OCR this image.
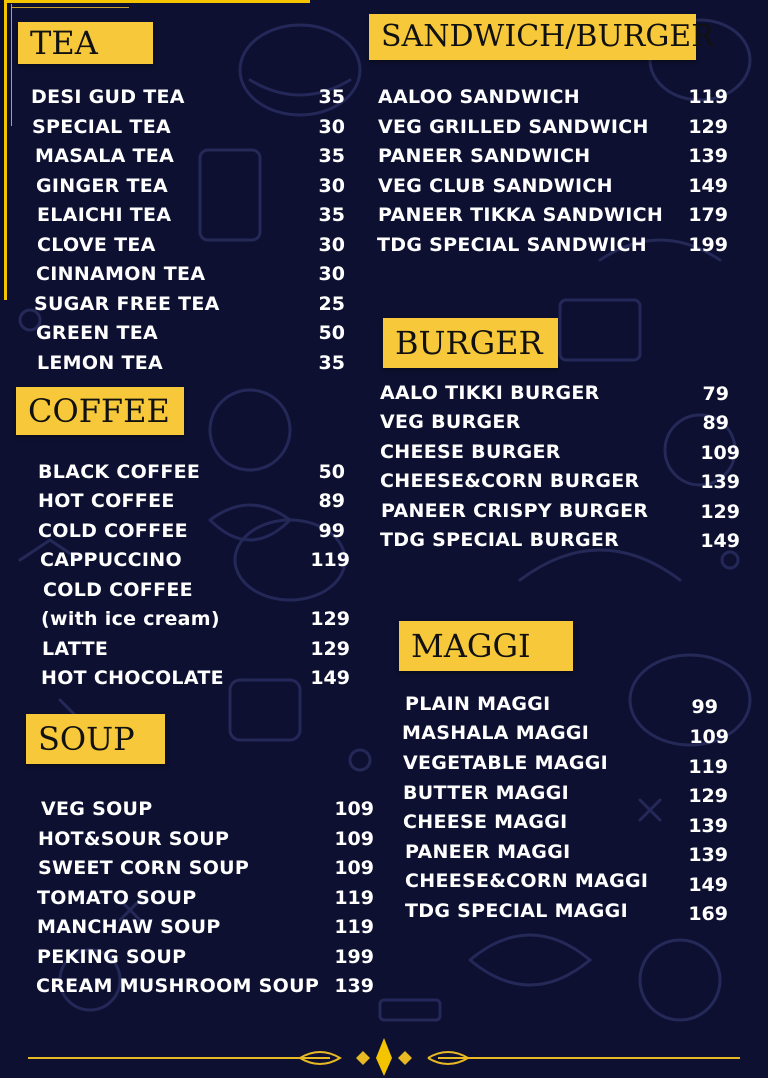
TEA
COFFEE
SOUP
SANDWICH/BURGER
BURGER
MAGGI
DESI GUD TEA	35
SPECIAL TEA	30
MASALA TEA	35
GINGER TEA	30
ELAICHI TEA	35
CLOVE TEA	30
CINNAMON TEA	30
SUGAR FREE TEA	25
GREEN TEA	50
LEMON TEA	35
BLACK COFFEE	50
HOT COFFEE	89
COLD COFFEE	99
CAPPUCCINO	119
COLD COFFEE
(with ice cream)	129
LATTE	129
HOT CHOCOLATE	149
VEG SOUP	109
HOT&SOUR SOUP	109
SWEET CORN SOUP	109
TOMATO SOUP	119
MANCHAW SOUP	119
PEKING SOUP	199
CREAM MUSHROOM SOUP 139
AALOO SANDWICH	119
VEG GRILLED SANDWICH	129
PANEER SANDWICH	139
VEG CLUB SANDWICH	149
PANEER TIKKA SANDWICH	179
TDG SPECIAL SANDWICH	199
AALO TIKKI BURGER	79
VEG BURGER	89
CHEESE BURGER	109
CHEESE&CORN BURGER	139
PANEER CRISPY BURGER	129
TDG SPECIAL BURGER	149
PLAIN MAGGI	99
MASHALA MAGGI	109
VEGETABLE MAGGI	119
BUTTER MAGGI	129
CHEESE MAGGI	139
PANEER MAGGI	139
CHEESE&CORN MAGGI	149
TDG SPECIAL MAGGI	169
